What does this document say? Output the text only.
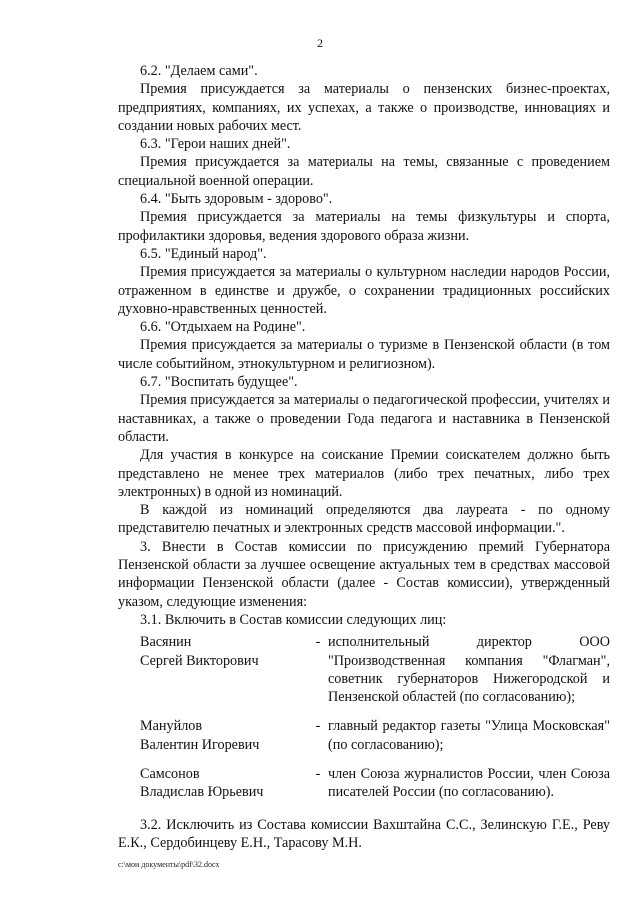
2

6.2. "Делаем сами".

Премия присуждается за материалы о пензенских бизнес-проектах, предприятиях, компаниях, их успехах, а также о производстве, инновациях и создании новых рабочих мест.

6.3. "Герои наших дней".

Премия присуждается за материалы на темы, связанные с проведением специальной военной операции.

6.4. "Быть здоровым - здорово".

Премия присуждается за материалы на темы физкультуры и спорта, профилактики здоровья, ведения здорового образа жизни.

6.5. "Единый народ".

Премия присуждается за материалы о культурном наследии народов России, отраженном в единстве и дружбе, о сохранении традиционных российских духовно-нравственных ценностей.

6.6. "Отдыхаем на Родине".

Премия присуждается за материалы о туризме в Пензенской области (в том числе событийном, этнокультурном и религиозном).

6.7. "Воспитать будущее".

Премия присуждается за материалы о педагогической профессии, учителях и наставниках, а также о проведении Года педагога и наставника в Пензенской области.

Для участия в конкурсе на соискание Премии соискателем должно быть представлено не менее трех материалов (либо трех печатных, либо трех электронных) в одной из номинаций.

В каждой из номинаций определяются два лауреата - по одному представителю печатных и электронных средств массовой информации.".

3. Внести в Состав комиссии по присуждению премий Губернатора Пензенской области за лучшее освещение актуальных тем в средствах массовой информации Пензенской области (далее - Состав комиссии), утвержденный указом, следующие изменения:

3.1. Включить в Состав комиссии следующих лиц:

Васянин
Сергей Викторович	-	исполнительный директор ООО "Производственная компания "Флагман", советник губернаторов Нижегородской и Пензенской областей (по согласованию);

Мануйлов
Валентин Игоревич	-	главный редактор газеты "Улица Московская" (по согласованию);

Самсонов
Владислав Юрьевич	-	член Союза журналистов России, член Союза писателей России (по согласованию).

3.2. Исключить из Состава комиссии Вахштайна С.С., Зелинскую Г.Е., Реву Е.К., Сердобинцеву Е.Н., Тарасову М.Н.

c:\мои документы\pdf\32.docx
